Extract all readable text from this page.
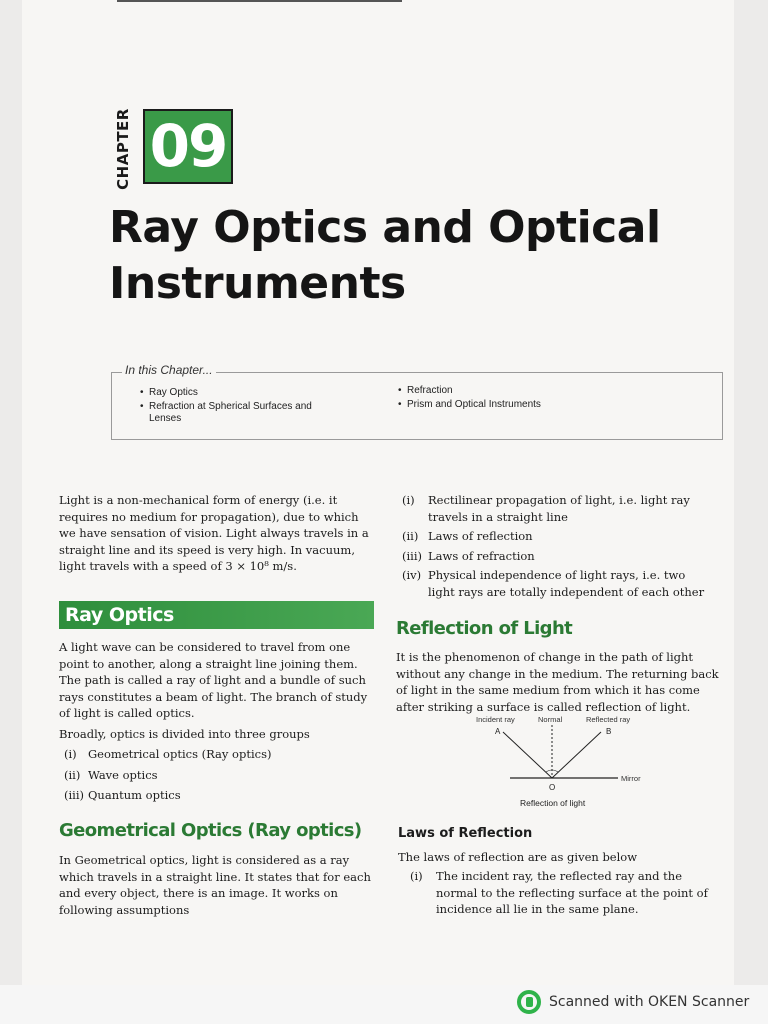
CHAPTER 09
Ray Optics and Optical Instruments
In this Chapter...
• Ray Optics
• Refraction at Spherical Surfaces and Lenses
• Refraction
• Prism and Optical Instruments

Light is a non-mechanical form of energy (i.e. it requires no medium for propagation), due to which we have sensation of vision. Light always travels in a straight line and its speed is very high. In vacuum, light travels with a speed of 3 × 10⁸ m/s.

Ray Optics

A light wave can be considered to travel from one point to another, along a straight line joining them. The path is called a ray of light and a bundle of such rays constitutes a beam of light. The branch of study of light is called optics.

Broadly, optics is divided into three groups

(i) Geometrical optics (Ray optics)
(ii) Wave optics
(iii) Quantum optics
Geometrical Optics (Ray optics)

In Geometrical optics, light is considered as a ray which travels in a straight line. It states that for each and every object, there is an image. It works on following assumptions

(i)	Rectilinear propagation of light, i.e. light ray travels in a straight line
(ii) Laws of reflection
(iii) Laws of refraction
(iv) Physical independence of light rays, i.e. two light rays are totally independent of each other
Reflection of Light

It is the phenomenon of change in the path of light without any change in the medium. The returning back of light in the same medium from which it has come after striking a surface is called reflection of light.

Incident ray	Normal	Reflected ray
A	B
Mirror
O
Reflection of light
Laws of Reflection

The laws of reflection are as given below

(i)	The incident ray, the reflected ray and the normal to the reflecting surface at the point of incidence all lie in the same plane.
Scanned with OKEN Scanner
